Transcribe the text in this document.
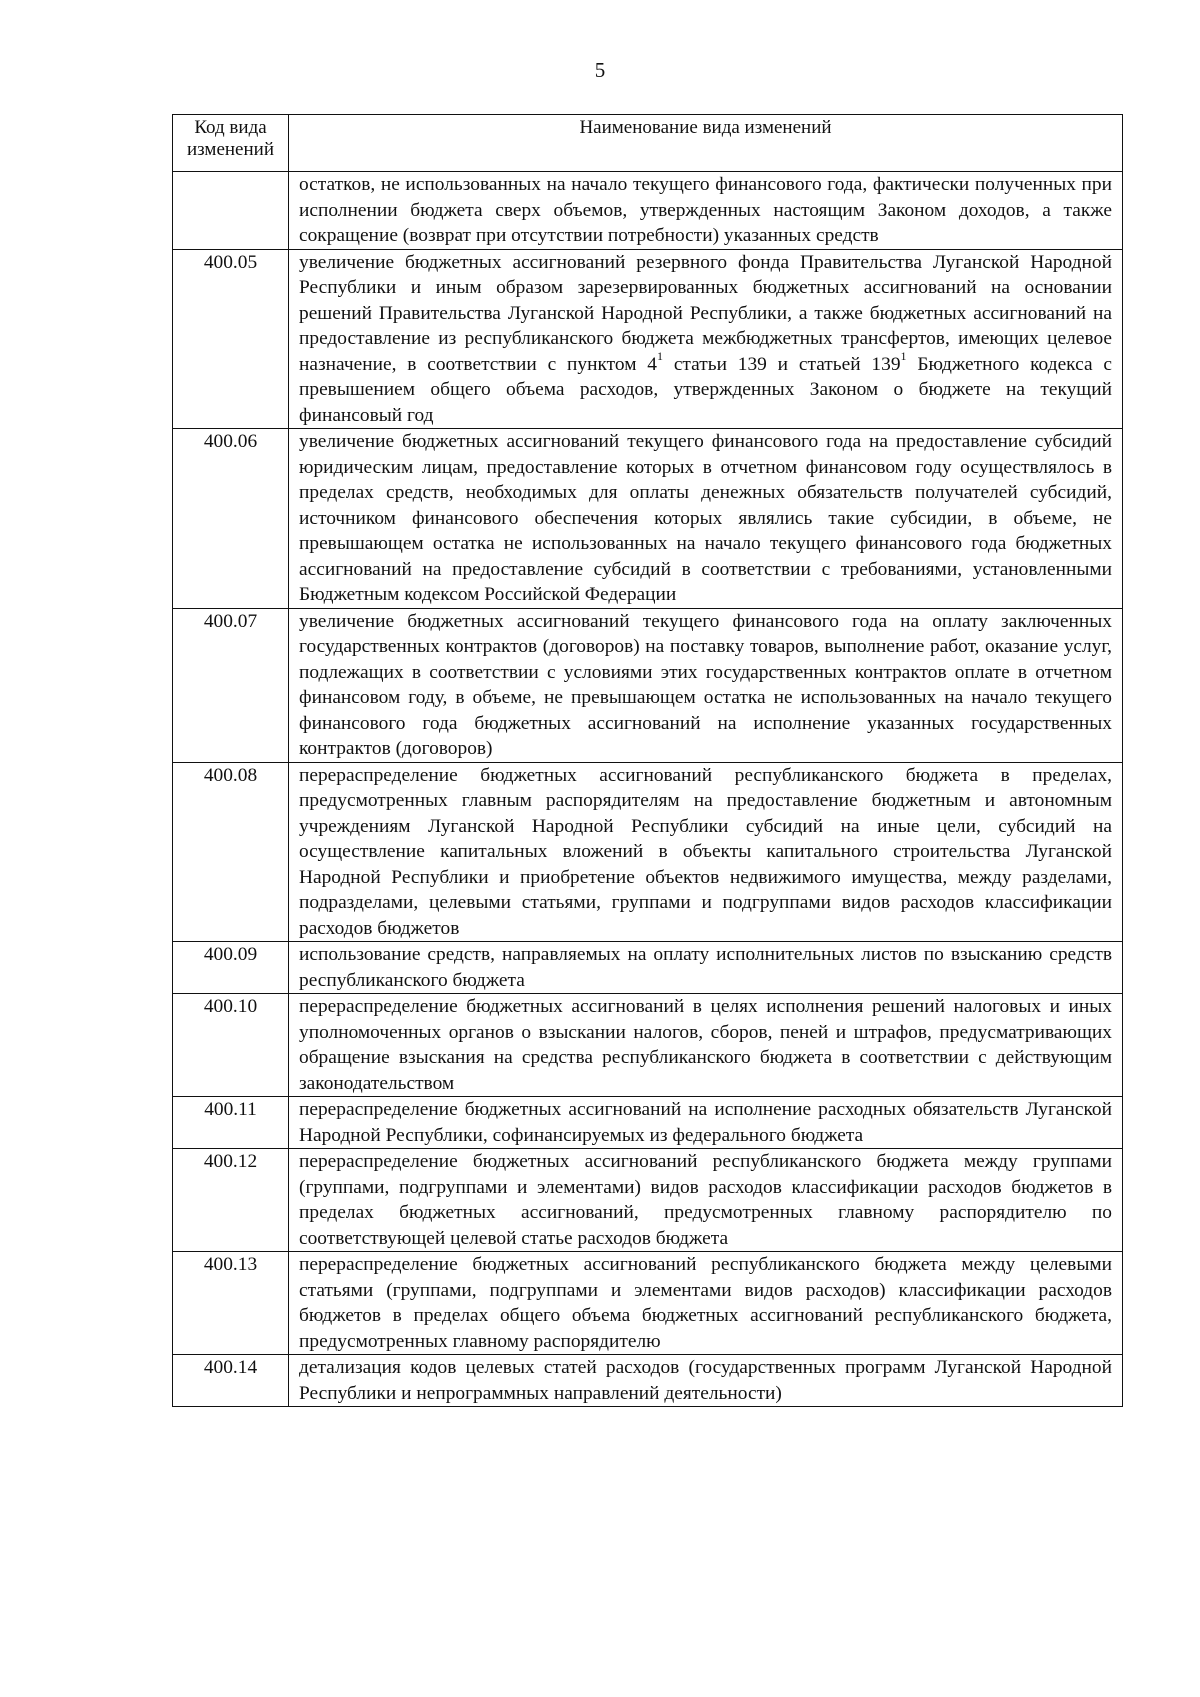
5
Код вида изменений	Наименование вида изменений
	остатков, не использованных на начало текущего финансового года, фактически полученных при исполнении бюджета сверх объемов, утвержденных настоящим Законом доходов, а также сокращение (возврат при отсутствии потребности) указанных средств
400.05	увеличение бюджетных ассигнований резервного фонда Правительства Луганской Народной Республики и иным образом зарезервированных бюджетных ассигнований на основании решений Правительства Луганской Народной Республики, а также бюджетных ассигнований на предоставление из республиканского бюджета межбюджетных трансфертов, имеющих целевое назначение, в соответствии с пунктом $4^1$ статьи 139 и статьей $139^1$ Бюджетного кодекса с превышением общего объема расходов, утвержденных Законом о бюджете на текущий финансовый год
400.06	увеличение бюджетных ассигнований текущего финансового года на предоставление субсидий юридическим лицам, предоставление которых в отчетном финансовом году осуществлялось в пределах средств, необходимых для оплаты денежных обязательств получателей субсидий, источником финансового обеспечения которых являлись такие субсидии, в объеме, не превышающем остатка не использованных на начало текущего финансового года бюджетных ассигнований на предоставление субсидий в соответствии с требованиями, установленными Бюджетным кодексом Российской Федерации
400.07	увеличение бюджетных ассигнований текущего финансового года на оплату заключенных государственных контрактов (договоров) на поставку товаров, выполнение работ, оказание услуг, подлежащих в соответствии с условиями этих государственных контрактов оплате в отчетном финансовом году, в объеме, не превышающем остатка не использованных на начало текущего финансового года бюджетных ассигнований на исполнение указанных государственных контрактов (договоров)
400.08	перераспределение бюджетных ассигнований республиканского бюджета в пределах, предусмотренных главным распорядителям на предоставление бюджетным и автономным учреждениям Луганской Народной Республики субсидий на иные цели, субсидий на осуществление капитальных вложений в объекты капитального строительства Луганской Народной Республики и приобретение объектов недвижимого имущества, между разделами, подразделами, целевыми статьями, группами и подгруппами видов расходов классификации расходов бюджетов
400.09	использование средств, направляемых на оплату исполнительных листов по взысканию средств республиканского бюджета
400.10	перераспределение бюджетных ассигнований в целях исполнения решений налоговых и иных уполномоченных органов о взыскании налогов, сборов, пеней и штрафов, предусматривающих обращение взыскания на средства республиканского бюджета в соответствии с действующим законодательством
400.11	перераспределение бюджетных ассигнований на исполнение расходных обязательств Луганской Народной Республики, софинансируемых из федерального бюджета
400.12	перераспределение бюджетных ассигнований республиканского бюджета между группами (группами, подгруппами и элементами) видов расходов классификации расходов бюджетов в пределах бюджетных ассигнований, предусмотренных главному распорядителю по соответствующей целевой статье расходов бюджета
400.13	перераспределение бюджетных ассигнований республиканского бюджета между целевыми статьями (группами, подгруппами и элементами видов расходов) классификации расходов бюджетов в пределах общего объема бюджетных ассигнований республиканского бюджета, предусмотренных главному распорядителю
400.14	детализация кодов целевых статей расходов (государственных программ Луганской Народной Республики и непрограммных направлений деятельности)
